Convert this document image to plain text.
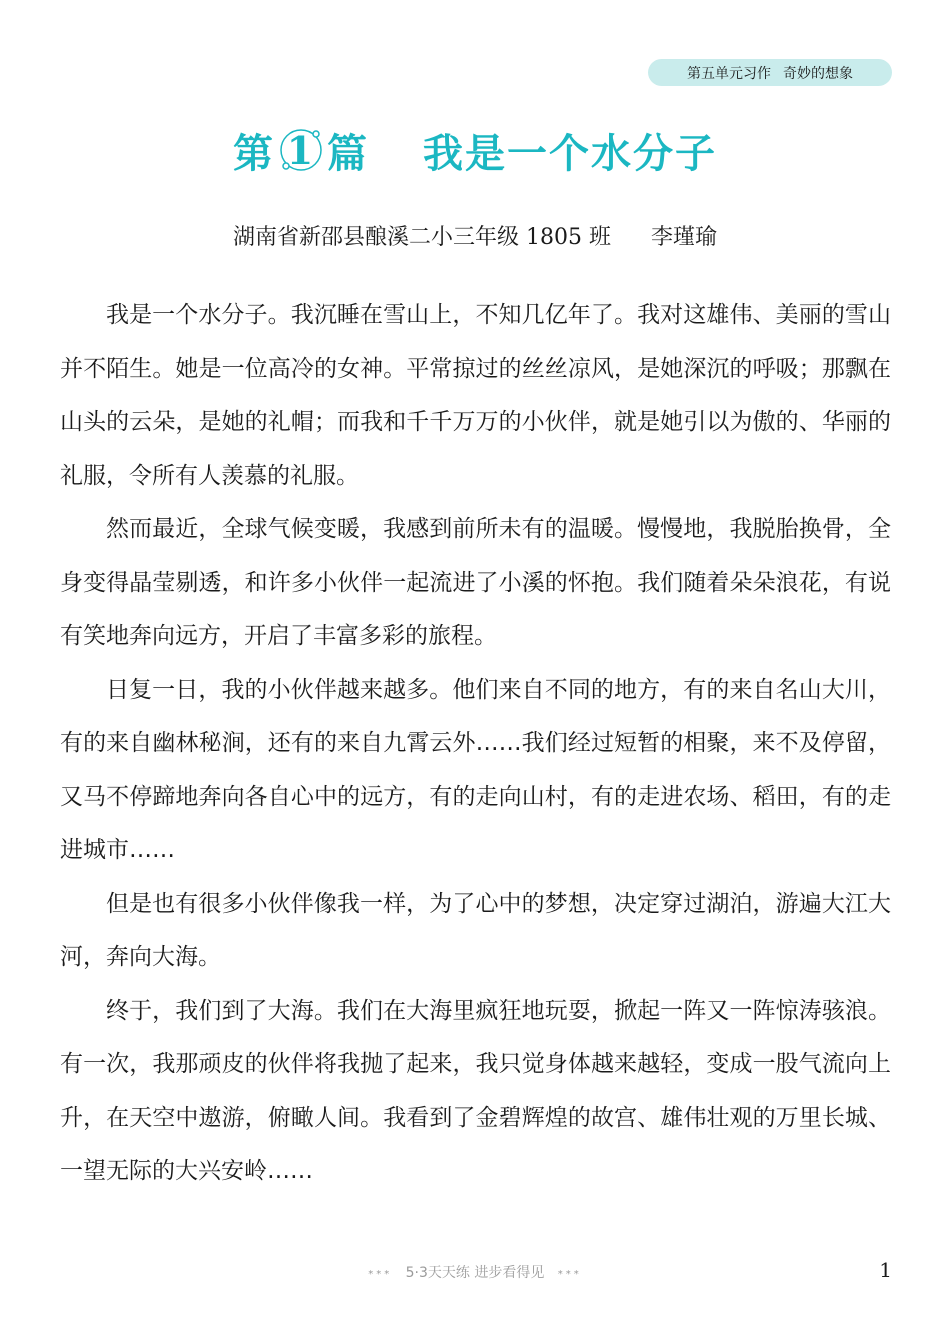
第五单元习作 奇妙的想象
第 1 篇 我是一个水分子
湖南省新邵县酿溪二小三年级 1805 班 李瑾瑜

我是一个水分子。我沉睡在雪山上，不知几亿年了。我对这雄伟、美丽的雪山并不陌生。她是一位高冷的女神。平常掠过的丝丝凉风，是她深沉的呼吸；那飘在山头的云朵，是她的礼帽；而我和千千万万的小伙伴，就是她引以为傲的、华丽的礼服，令所有人羡慕的礼服。

然而最近，全球气候变暖，我感到前所未有的温暖。慢慢地，我脱胎换骨，全身变得晶莹剔透，和许多小伙伴一起流进了小溪的怀抱。我们随着朵朵浪花，有说有笑地奔向远方，开启了丰富多彩的旅程。

日复一日，我的小伙伴越来越多。他们来自不同的地方，有的来自名山大川，有的来自幽林秘涧，还有的来自九霄云外……我们经过短暂的相聚，来不及停留，又马不停蹄地奔向各自心中的远方，有的走向山村，有的走进农场、稻田，有的走进城市……

但是也有很多小伙伴像我一样，为了心中的梦想，决定穿过湖泊，游遍大江大河，奔向大海。

终于，我们到了大海。我们在大海里疯狂地玩耍，掀起一阵又一阵惊涛骇浪。有一次，我那顽皮的伙伴将我抛了起来，我只觉身体越来越轻，变成一股气流向上升，在天空中遨游，俯瞰人间。我看到了金碧辉煌的故宫、雄伟壮观的万里长城、一望无际的大兴安岭……

*** 5·3天天练 进步看得见 ***	1
